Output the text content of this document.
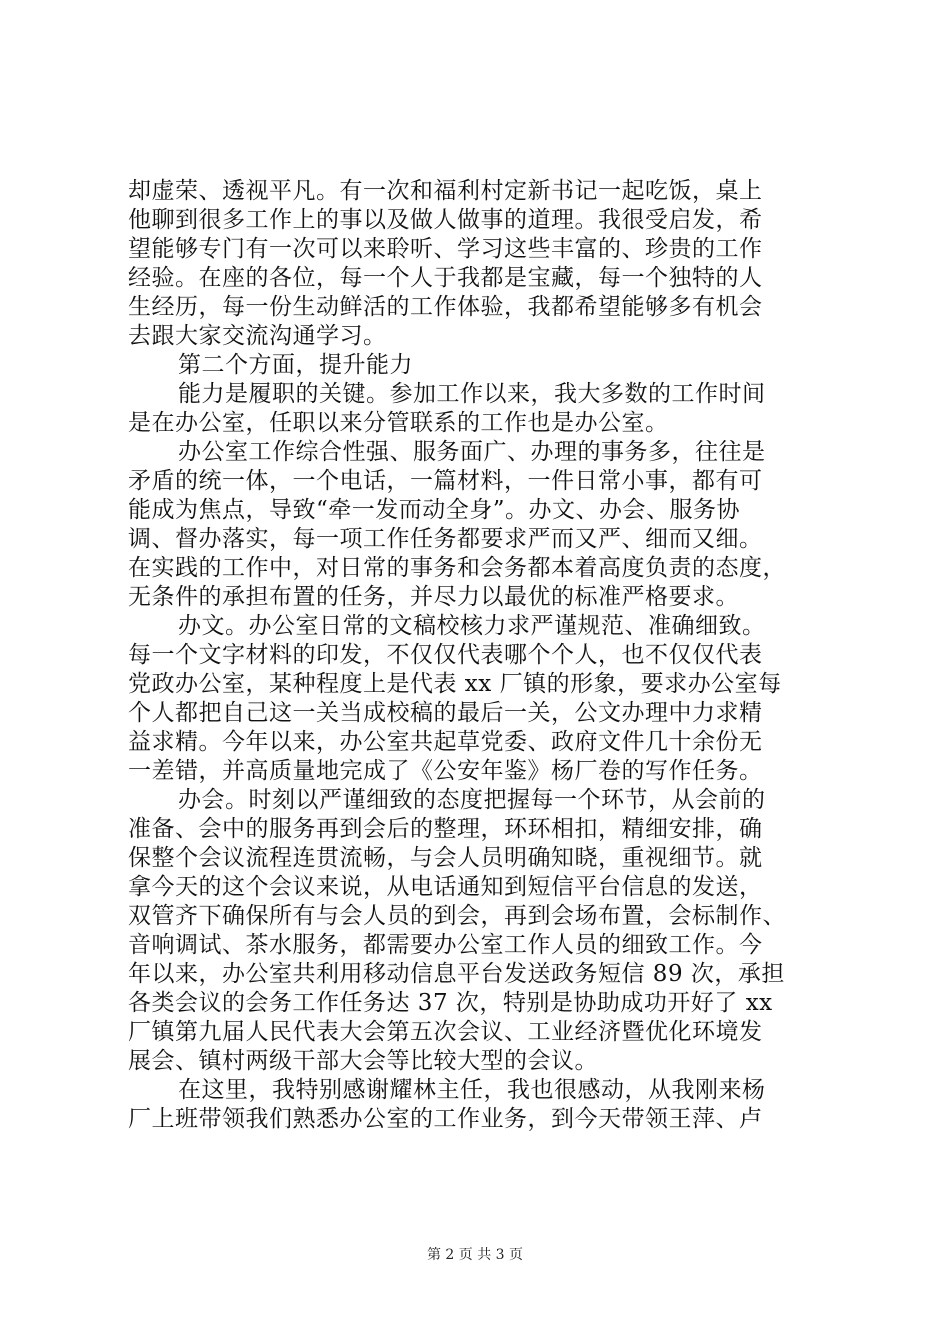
却虚荣、透视平凡。有一次和福利村定新书记一起吃饭，桌上
他聊到很多工作上的事以及做人做事的道理。我很受启发，希
望能够专门有一次可以来聆听、学习这些丰富的、珍贵的工作
经验。在座的各位，每一个人于我都是宝藏，每一个独特的人
生经历，每一份生动鲜活的工作体验，我都希望能够多有机会
去跟大家交流沟通学习。
第二个方面，提升能力
能力是履职的关键。参加工作以来，我大多数的工作时间
是在办公室，任职以来分管联系的工作也是办公室。
办公室工作综合性强、服务面广、办理的事务多，往往是
矛盾的统一体，一个电话，一篇材料，一件日常小事，都有可
能成为焦点，导致“牵一发而动全身”。办文、办会、服务协
调、督办落实，每一项工作任务都要求严而又严、细而又细。
在实践的工作中，对日常的事务和会务都本着高度负责的态度，
无条件的承担布置的任务，并尽力以最优的标准严格要求。
办文。办公室日常的文稿校核力求严谨规范、准确细致。
每一个文字材料的印发，不仅仅代表哪个个人，也不仅仅代表
党政办公室，某种程度上是代表 xx 厂镇的形象，要求办公室每
个人都把自己这一关当成校稿的最后一关，公文办理中力求精
益求精。今年以来，办公室共起草党委、政府文件几十余份无
一差错，并高质量地完成了《公安年鉴》杨厂卷的写作任务。
办会。时刻以严谨细致的态度把握每一个环节，从会前的
准备、会中的服务再到会后的整理，环环相扣，精细安排，确
保整个会议流程连贯流畅，与会人员明确知晓，重视细节。就
拿今天的这个会议来说，从电话通知到短信平台信息的发送，
双管齐下确保所有与会人员的到会，再到会场布置，会标制作、
音响调试、茶水服务，都需要办公室工作人员的细致工作。今
年以来，办公室共利用移动信息平台发送政务短信 89 次，承担
各类会议的会务工作任务达 37 次，特别是协助成功开好了 xx
厂镇第九届人民代表大会第五次会议、工业经济暨优化环境发
展会、镇村两级干部大会等比较大型的会议。
在这里，我特别感谢耀林主任，我也很感动，从我刚来杨
厂上班带领我们熟悉办公室的工作业务，到今天带领王萍、卢
第 2 页 共 3 页
